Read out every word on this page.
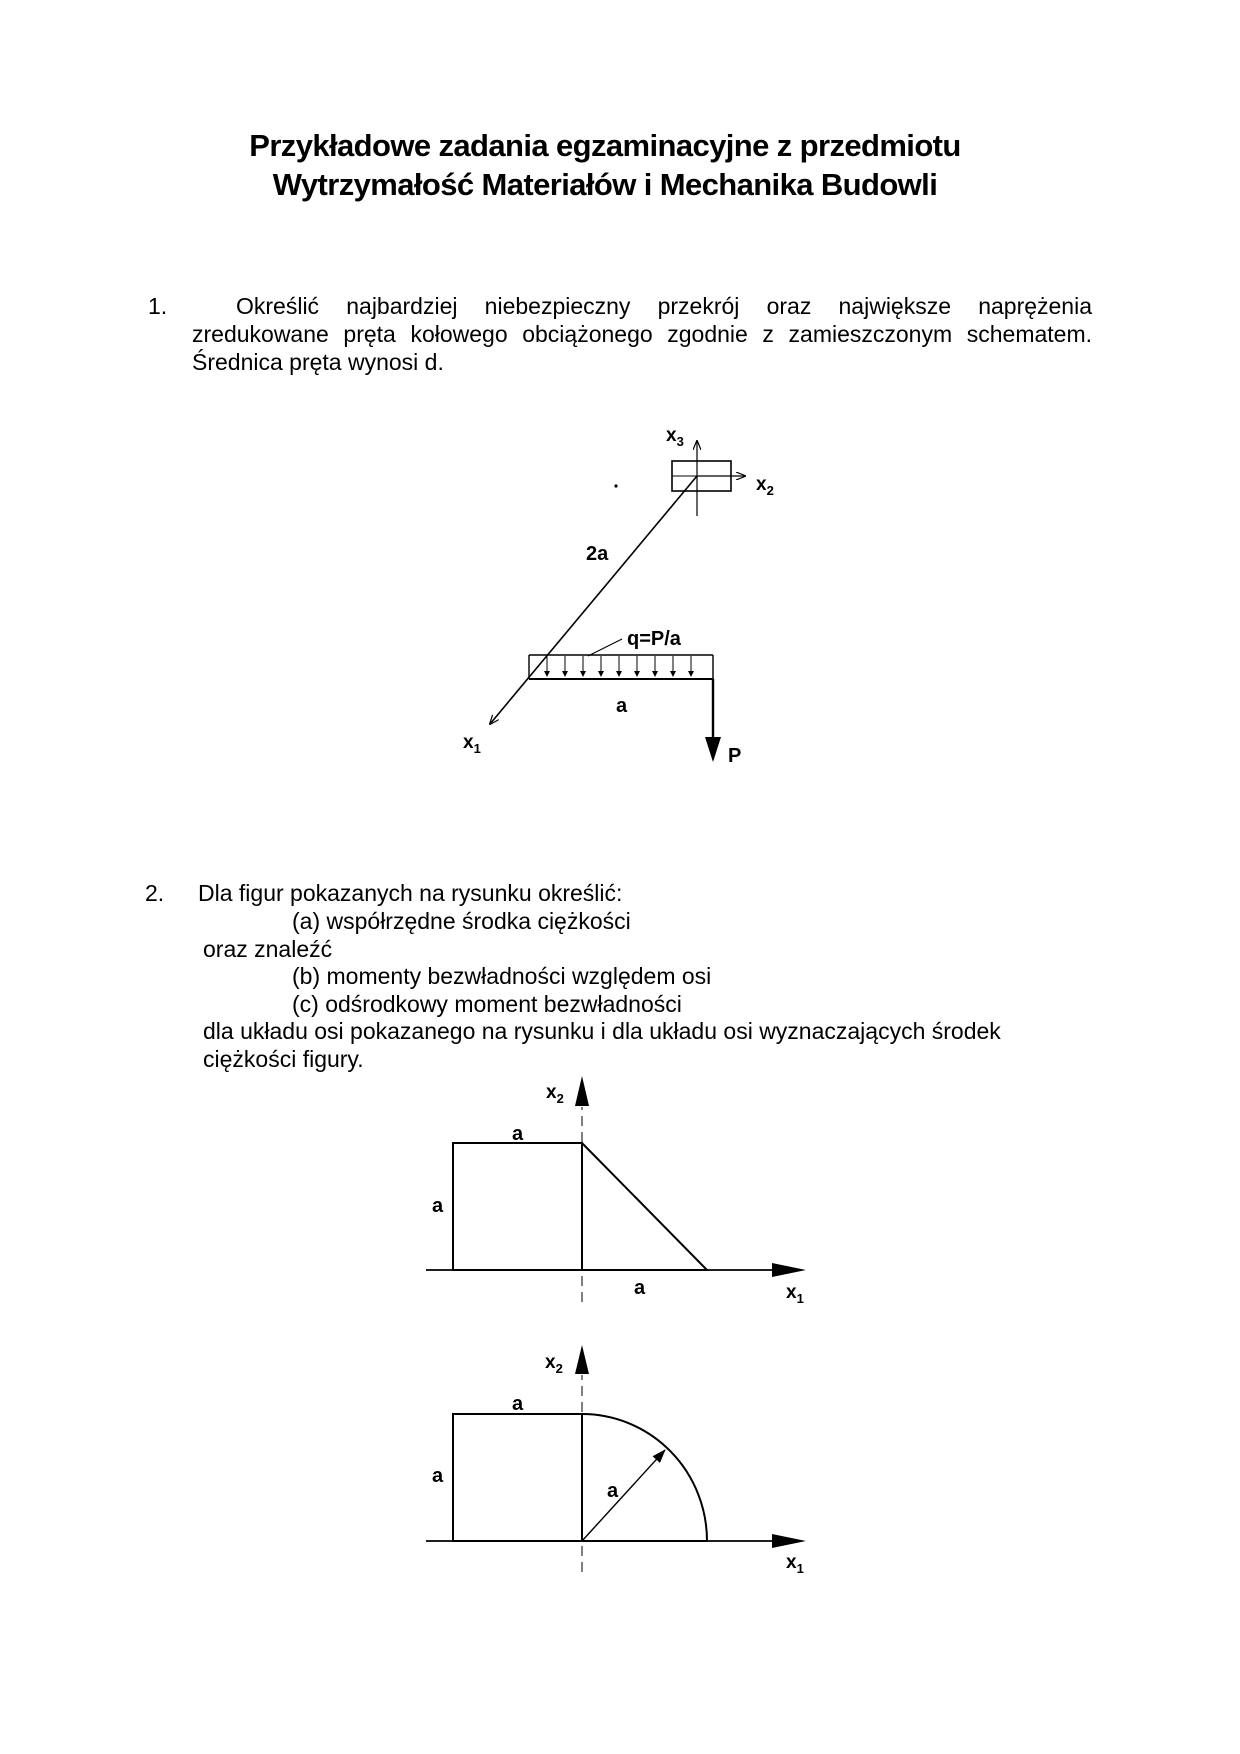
Przykładowe zadania egzaminacyjne z przedmiotu
Wytrzymałość Materiałów i Mechanika Budowli
1.	Określić najbardziej niebezpieczny przekrój oraz największe naprężenia
zredukowane pręta kołowego obciążonego zgodnie z zamieszczonym schematem.
Średnica pręta wynosi d.
$x_3$
$x_2$
$x_1$
2a
q=P/a
a
P
2. Dla figur pokazanych na rysunku określić:
(a) współrzędne środka ciężkości
oraz znaleźć
(b) momenty bezwładności względem osi
(c) odśrodkowy moment bezwładności
dla układu osi pokazanego na rysunku i dla układu osi wyznaczających środek
ciężkości figury.
$x_2$
$x_1$
a
a
a
$x_2$
$x_1$
a
a
a
